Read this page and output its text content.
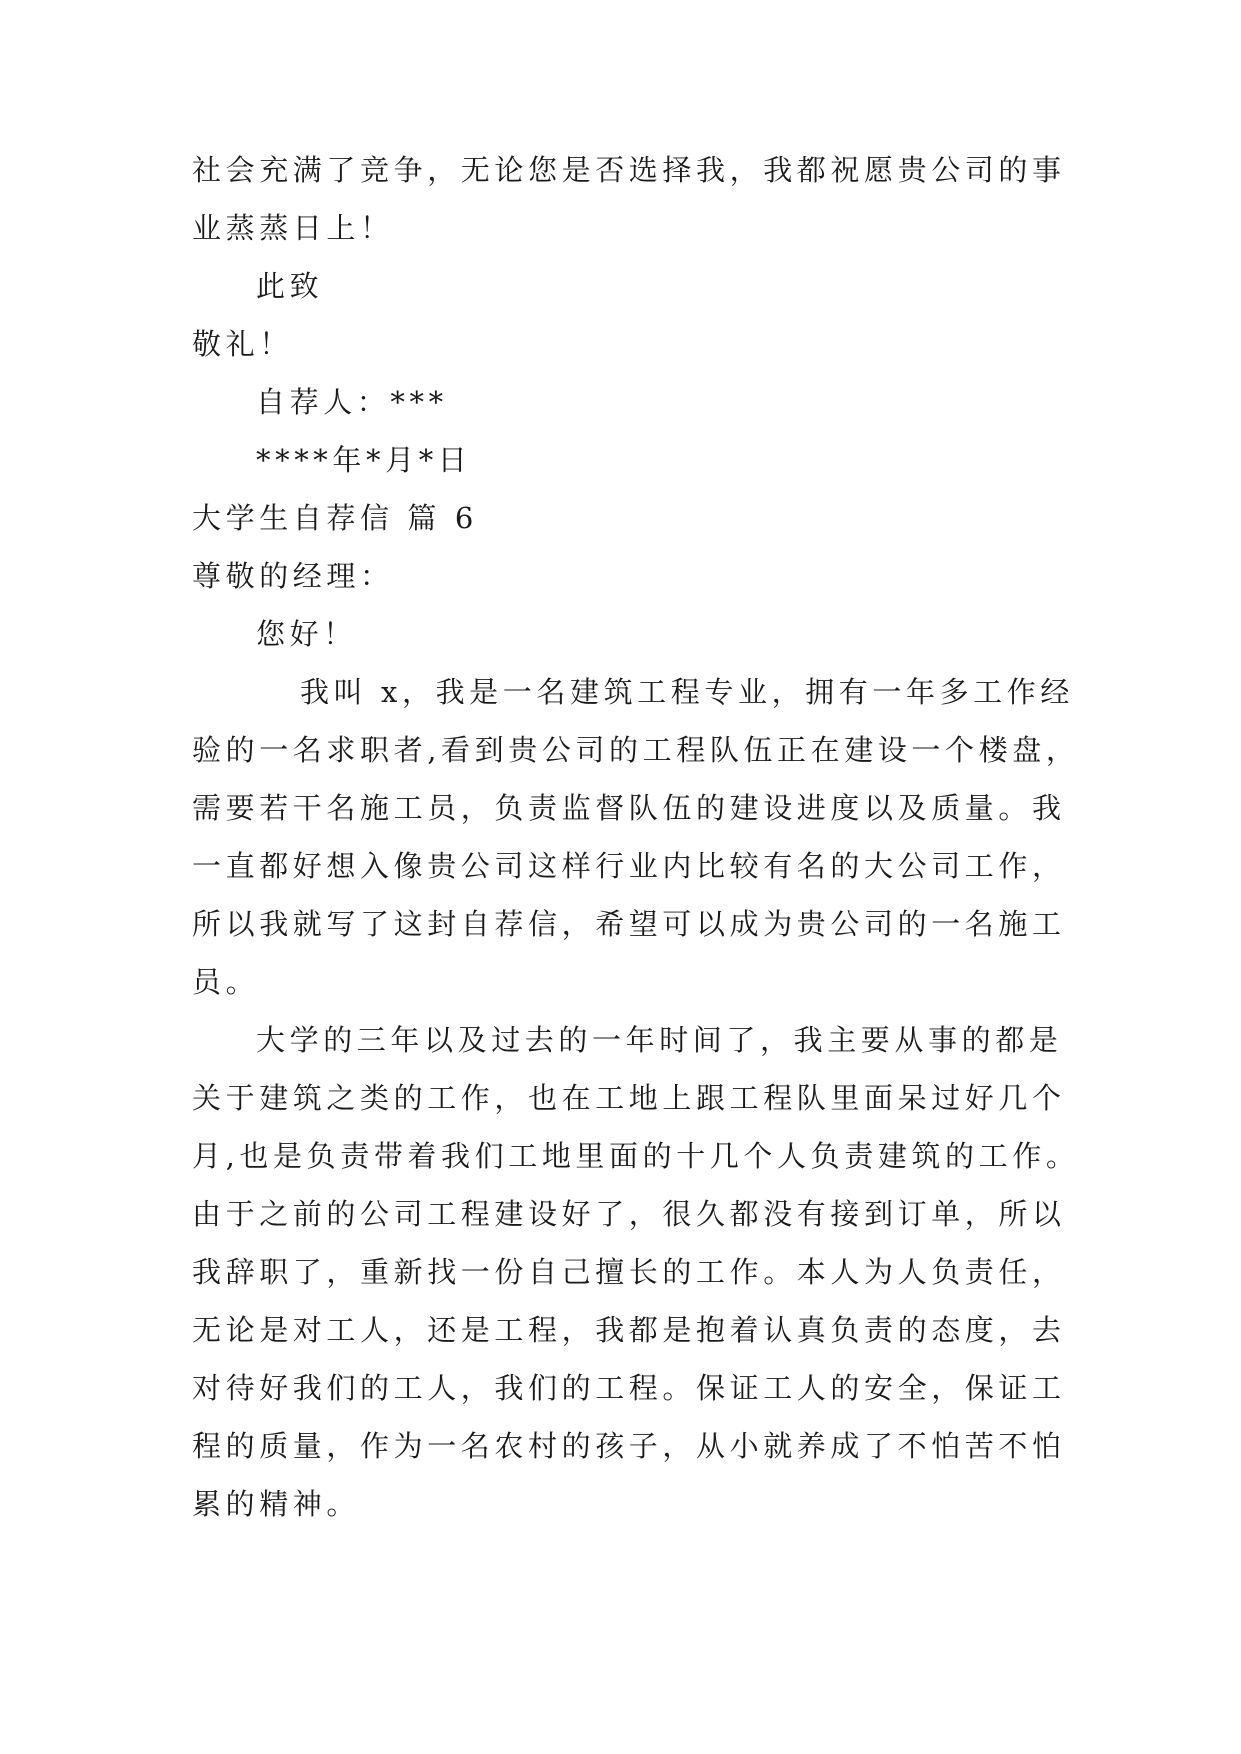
社会充满了竞争，无论您是否选择我，我都祝愿贵公司的事
业蒸蒸日上！
此致
敬礼！
自荐人：***
****年*月*日
大学生自荐信 篇 6
尊敬的经理：
您好！
我叫 x，我是一名建筑工程专业，拥有一年多工作经
验的一名求职者,看到贵公司的工程队伍正在建设一个楼盘，
需要若干名施工员，负责监督队伍的建设进度以及质量。我
一直都好想入像贵公司这样行业内比较有名的大公司工作，
所以我就写了这封自荐信，希望可以成为贵公司的一名施工
员。
大学的三年以及过去的一年时间了，我主要从事的都是
关于建筑之类的工作，也在工地上跟工程队里面呆过好几个
月,也是负责带着我们工地里面的十几个人负责建筑的工作。
由于之前的公司工程建设好了，很久都没有接到订单，所以
我辞职了，重新找一份自己擅长的工作。本人为人负责任，
无论是对工人，还是工程，我都是抱着认真负责的态度，去
对待好我们的工人，我们的工程。保证工人的安全，保证工
程的质量，作为一名农村的孩子，从小就养成了不怕苦不怕
累的精神。
